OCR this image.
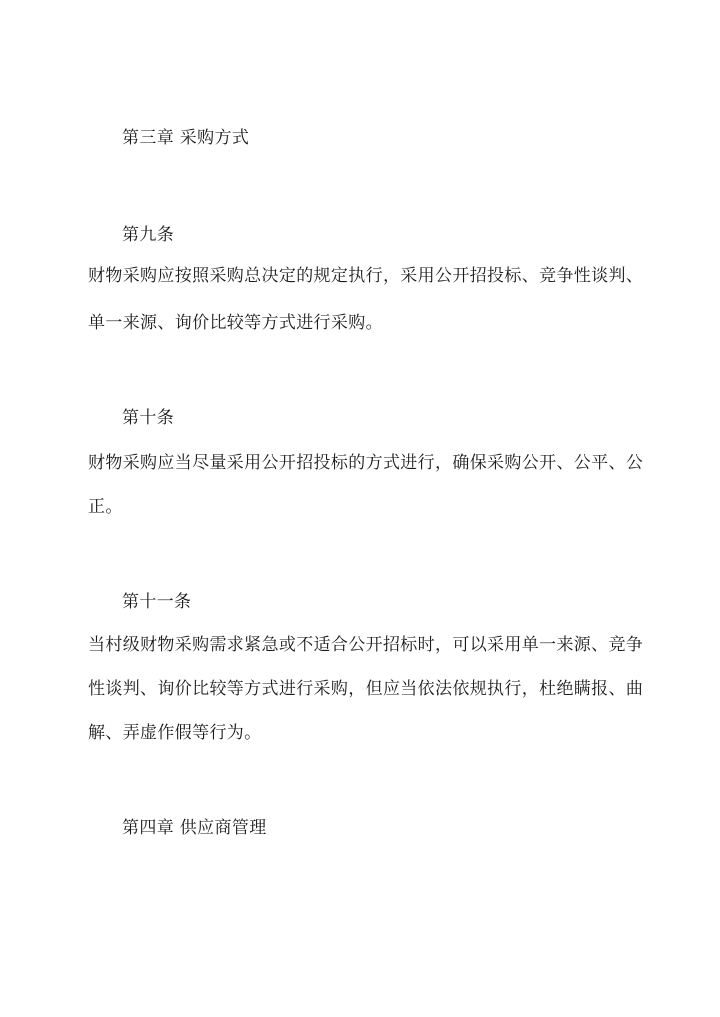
第三章 采购方式
第九条
财物采购应按照采购总决定的规定执行，采用公开招投标、竞争性谈判、
单一来源、询价比较等方式进行采购。
第十条
财物采购应当尽量采用公开招投标的方式进行，确保采购公开、公平、公
正。
第十一条
当村级财物采购需求紧急或不适合公开招标时，可以采用单一来源、竞争
性谈判、询价比较等方式进行采购，但应当依法依规执行，杜绝瞒报、曲
解、弄虚作假等行为。
第四章 供应商管理
